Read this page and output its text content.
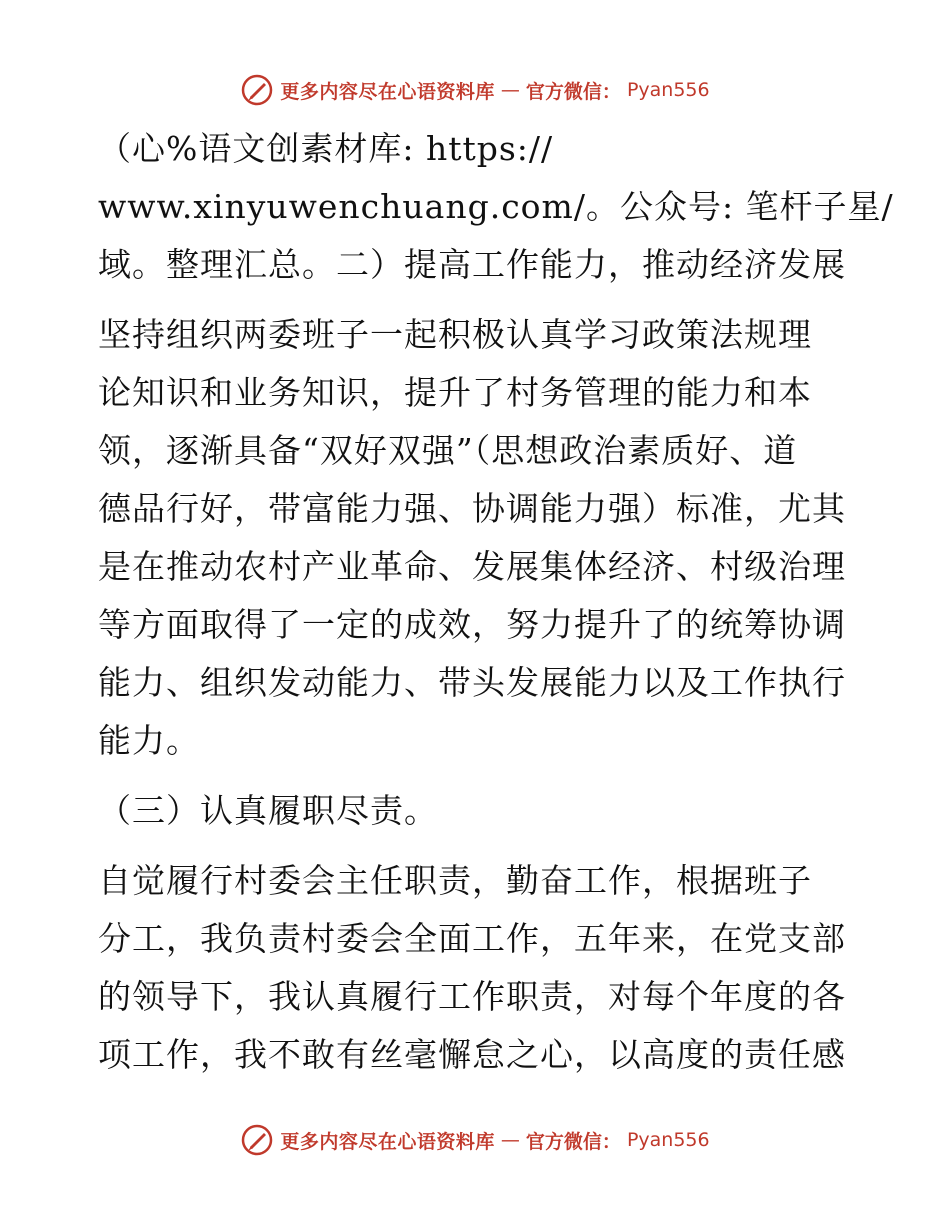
更多内容尽在心语资料库 — 官方微信： Pyan556
（心%语文创素材库: https://
www.xinyuwenchuang.com/。公众号: 笔杆子星/
域。整理汇总。二）提高工作能力，推动经济发展
坚持组织两委班子一起积极认真学习政策法规理
论知识和业务知识，提升了村务管理的能力和本
领，逐渐具备“双好双强”（思想政治素质好、道
德品行好，带富能力强、协调能力强）标准，尤其
是在推动农村产业革命、发展集体经济、村级治理
等方面取得了一定的成效，努力提升了的统筹协调
能力、组织发动能力、带头发展能力以及工作执行
能力。
（三）认真履职尽责。
自觉履行村委会主任职责，勤奋工作，根据班子
分工，我负责村委会全面工作，五年来，在党支部
的领导下，我认真履行工作职责，对每个年度的各
项工作，我不敢有丝毫懈怠之心，以高度的责任感
更多内容尽在心语资料库 — 官方微信： Pyan556
